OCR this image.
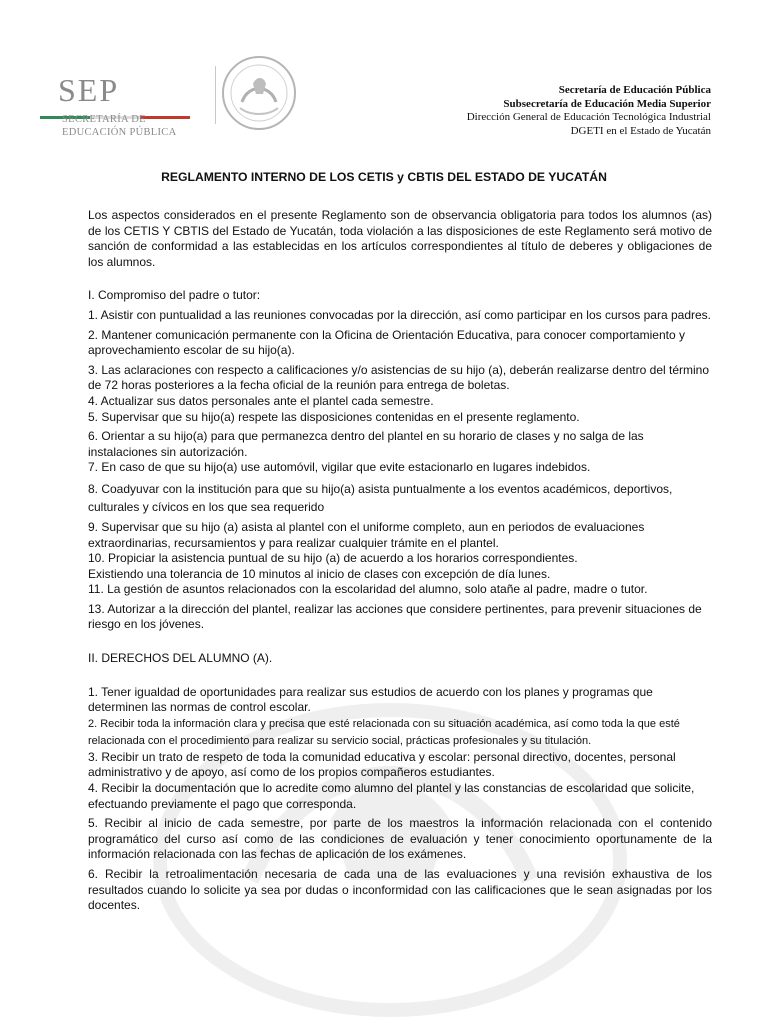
SEP
SECRETARÍA DE
EDUCACIÓN PÚBLICA
Secretaría de Educación Pública
Subsecretaría de Educación Media Superior
Dirección General de Educación Tecnológica Industrial
DGETI en el Estado de Yucatán
REGLAMENTO INTERNO DE LOS CETIS y CBTIS DEL ESTADO DE YUCATÁN

Los aspectos considerados en el presente Reglamento son de observancia obligatoria para todos los alumnos (as) de los CETIS Y CBTIS del Estado de Yucatán, toda violación a las disposiciones de este Reglamento será motivo de sanción de conformidad a las establecidas en los artículos correspondientes al título de deberes y obligaciones de los alumnos.

I. Compromiso del padre o tutor:

1. Asistir con puntualidad a las reuniones convocadas por la dirección, así como participar en los cursos para padres.

2. Mantener comunicación permanente con la Oficina de Orientación Educativa, para conocer comportamiento y aprovechamiento escolar de su hijo(a).

3. Las aclaraciones con respecto a calificaciones y/o asistencias de su hijo (a), deberán realizarse dentro del término de 72 horas posteriores a la fecha oficial de la reunión para entrega de boletas.

4. Actualizar sus datos personales ante el plantel cada semestre.

5. Supervisar que su hijo(a) respete las disposiciones contenidas en el presente reglamento.

6. Orientar a su hijo(a) para que permanezca dentro del plantel en su horario de clases y no salga de las instalaciones sin autorización.

7. En caso de que su hijo(a) use automóvil, vigilar que evite estacionarlo en lugares indebidos.

8. Coadyuvar con la institución para que su hijo(a) asista puntualmente a los eventos académicos, deportivos, culturales y cívicos en los que sea requerido

9. Supervisar que su hijo (a) asista al plantel con el uniforme completo, aun en periodos de evaluaciones extraordinarias, recursamientos y para realizar cualquier trámite en el plantel.

10. Propiciar la asistencia puntual de su hijo (a) de acuerdo a los horarios correspondientes.

Existiendo una tolerancia de 10 minutos al inicio de clases con excepción de día lunes.

11. La gestión de asuntos relacionados con la escolaridad del alumno, solo atañe al padre, madre o tutor.

13. Autorizar a la dirección del plantel, realizar las acciones que considere pertinentes, para prevenir situaciones de riesgo en los jóvenes.

II. DERECHOS DEL ALUMNO (A).

1. Tener igualdad de oportunidades para realizar sus estudios de acuerdo con los planes y programas que determinen las normas de control escolar.

2. Recibir toda la información clara y precisa que esté relacionada con su situación académica, así como toda la que esté relacionada con el procedimiento para realizar su servicio social, prácticas profesionales y su titulación.

3. Recibir un trato de respeto de toda la comunidad educativa y escolar: personal directivo, docentes, personal administrativo y de apoyo, así como de los propios compañeros estudiantes.

4. Recibir la documentación que lo acredite como alumno del plantel y las constancias de escolaridad que solicite, efectuando previamente el pago que corresponda.

5. Recibir al inicio de cada semestre, por parte de los maestros la información relacionada con el contenido programático del curso así como de las condiciones de evaluación y tener conocimiento oportunamente de la información relacionada con las fechas de aplicación de los exámenes.

6. Recibir la retroalimentación necesaria de cada una de las evaluaciones y una revisión exhaustiva de los resultados cuando lo solicite ya sea por dudas o inconformidad con las calificaciones que le sean asignadas por los docentes.
